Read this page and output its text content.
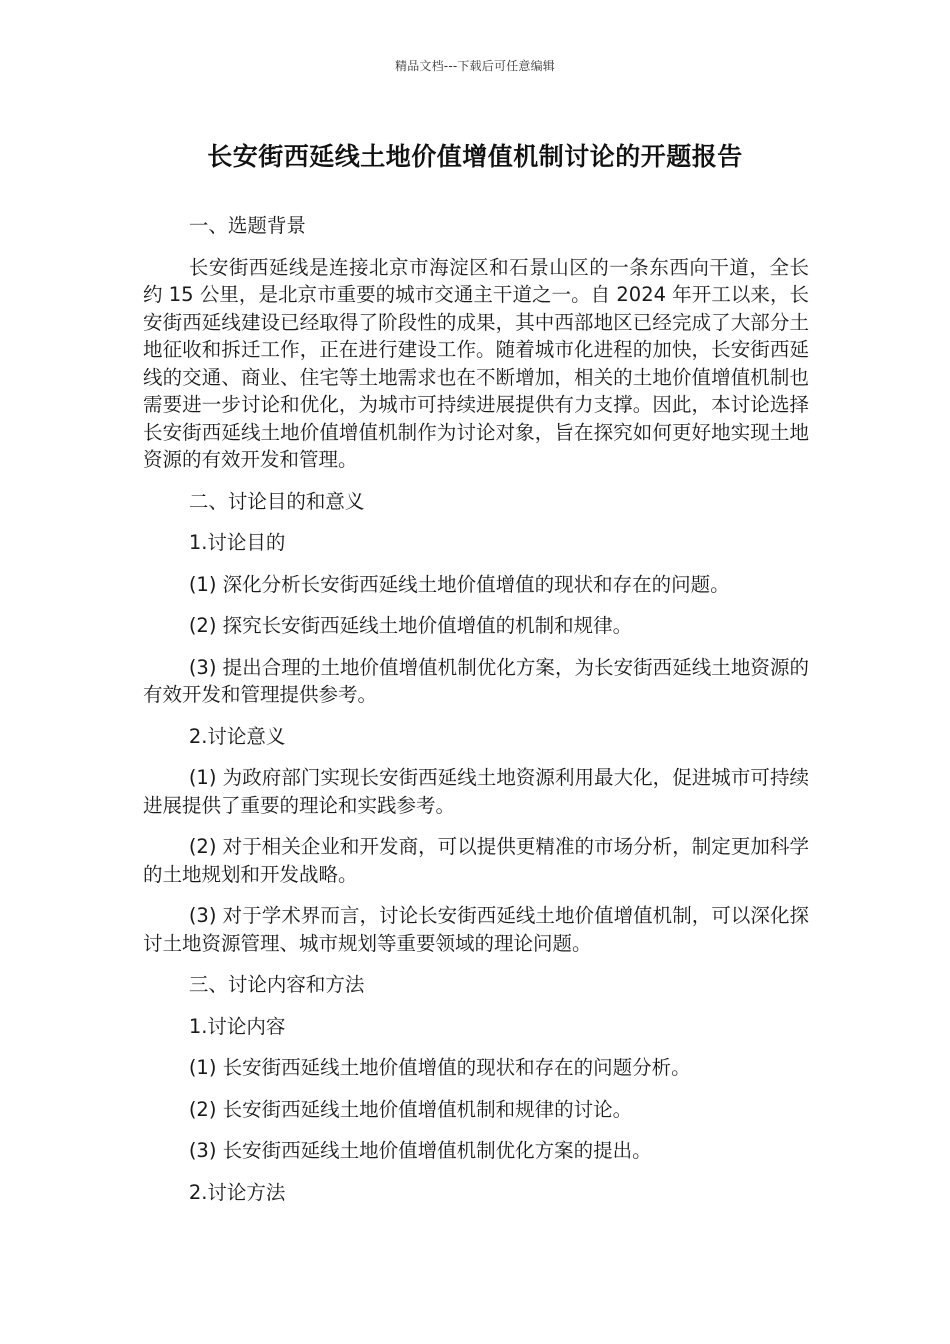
精品文档---下载后可任意编辑
长安街西延线土地价值增值机制讨论的开题报告

一、选题背景

长安街西延线是连接北京市海淀区和石景山区的一条东西向干道，全长约 15 公里，是北京市重要的城市交通主干道之一。自 2024 年开工以来，长安街西延线建设已经取得了阶段性的成果，其中西部地区已经完成了大部分土地征收和拆迁工作，正在进行建设工作。随着城市化进程的加快，长安街西延线的交通、商业、住宅等土地需求也在不断增加，相关的土地价值增值机制也需要进一步讨论和优化，为城市可持续进展提供有力支撑。因此，本讨论选择长安街西延线土地价值增值机制作为讨论对象，旨在探究如何更好地实现土地资源的有效开发和管理。

二、讨论目的和意义

1.讨论目的

(1) 深化分析长安街西延线土地价值增值的现状和存在的问题。

(2) 探究长安街西延线土地价值增值的机制和规律。

(3) 提出合理的土地价值增值机制优化方案，为长安街西延线土地资源的有效开发和管理提供参考。

2.讨论意义

(1) 为政府部门实现长安街西延线土地资源利用最大化，促进城市可持续进展提供了重要的理论和实践参考。

(2) 对于相关企业和开发商，可以提供更精准的市场分析，制定更加科学的土地规划和开发战略。

(3) 对于学术界而言，讨论长安街西延线土地价值增值机制，可以深化探讨土地资源管理、城市规划等重要领域的理论问题。

三、讨论内容和方法

1.讨论内容

(1) 长安街西延线土地价值增值的现状和存在的问题分析。

(2) 长安街西延线土地价值增值机制和规律的讨论。

(3) 长安街西延线土地价值增值机制优化方案的提出。

2.讨论方法
